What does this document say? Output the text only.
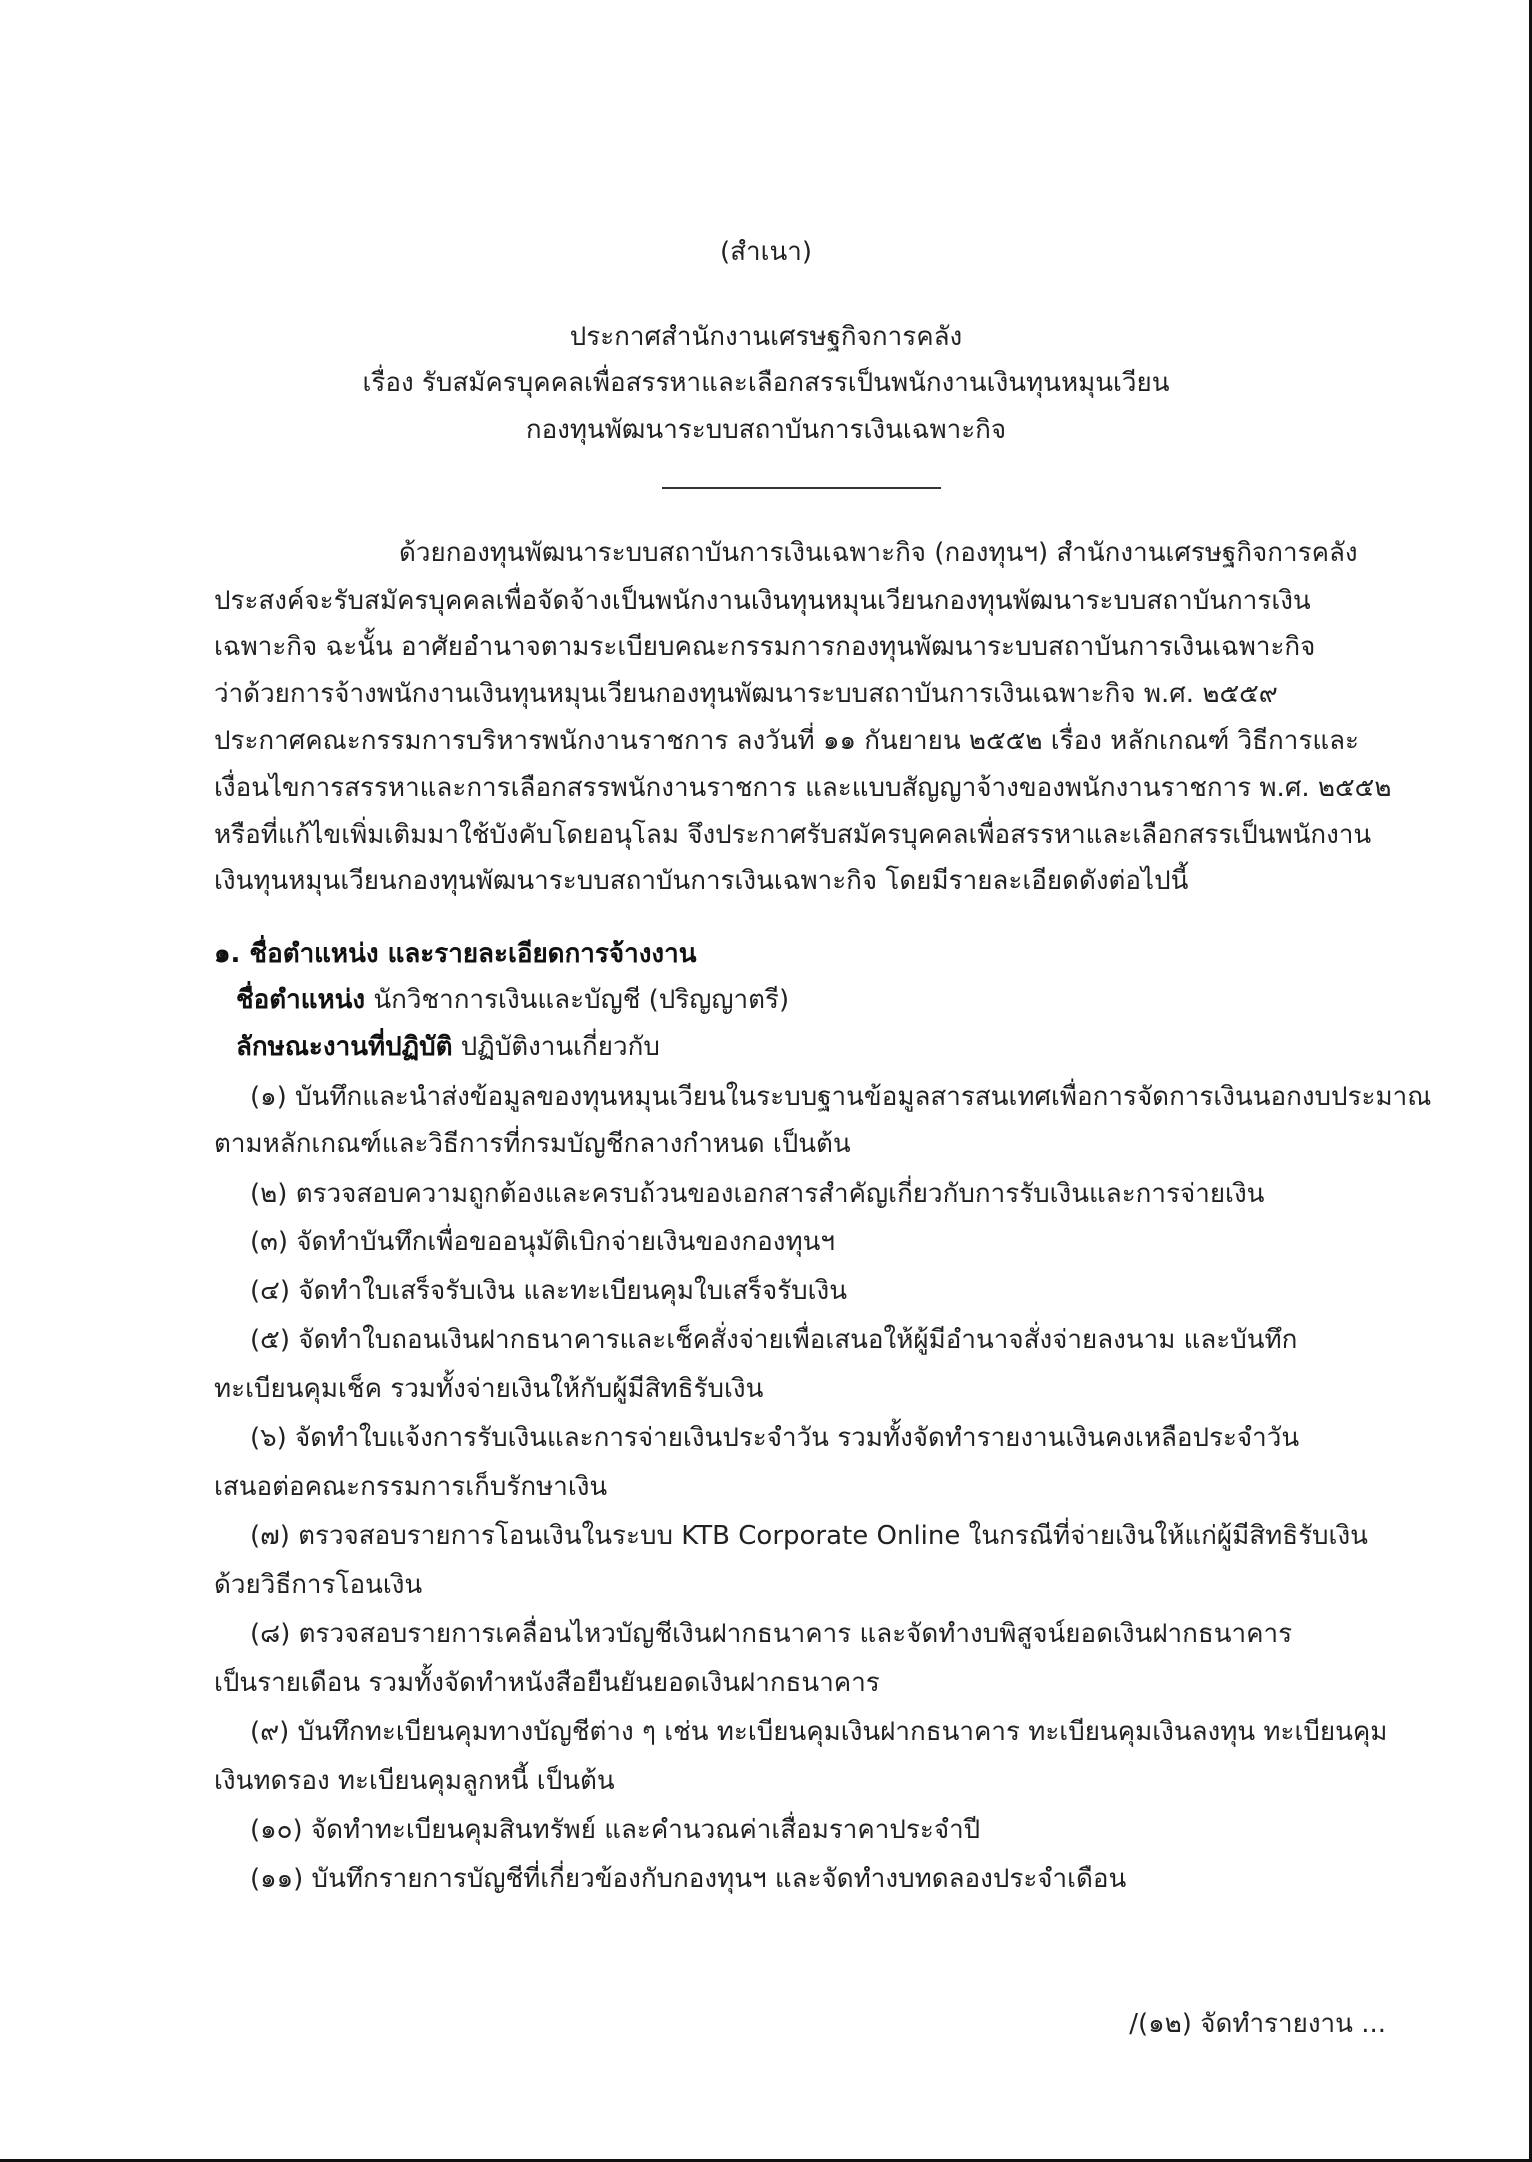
(สำเนา)
ประกาศสำนักงานเศรษฐกิจการคลัง
เรื่อง รับสมัครบุคคลเพื่อสรรหาและเลือกสรรเป็นพนักงานเงินทุนหมุนเวียน
กองทุนพัฒนาระบบสถาบันการเงินเฉพาะกิจ
ด้วยกองทุนพัฒนาระบบสถาบันการเงินเฉพาะกิจ (กองทุนฯ) สำนักงานเศรษฐกิจการคลัง
ประสงค์จะรับสมัครบุคคลเพื่อจัดจ้างเป็นพนักงานเงินทุนหมุนเวียนกองทุนพัฒนาระบบสถาบันการเงิน
เฉพาะกิจ ฉะนั้น อาศัยอำนาจตามระเบียบคณะกรรมการกองทุนพัฒนาระบบสถาบันการเงินเฉพาะกิจ
ว่าด้วยการจ้างพนักงานเงินทุนหมุนเวียนกองทุนพัฒนาระบบสถาบันการเงินเฉพาะกิจ พ.ศ. ๒๕๕๙
ประกาศคณะกรรมการบริหารพนักงานราชการ ลงวันที่ ๑๑ กันยายน ๒๕๕๒ เรื่อง หลักเกณฑ์ วิธีการและ
เงื่อนไขการสรรหาและการเลือกสรรพนักงานราชการ และแบบสัญญาจ้างของพนักงานราชการ พ.ศ. ๒๕๕๒
หรือที่แก้ไขเพิ่มเติมมาใช้บังคับโดยอนุโลม จึงประกาศรับสมัครบุคคลเพื่อสรรหาและเลือกสรรเป็นพนักงาน
เงินทุนหมุนเวียนกองทุนพัฒนาระบบสถาบันการเงินเฉพาะกิจ โดยมีรายละเอียดดังต่อไปนี้
๑. ชื่อตำแหน่ง และรายละเอียดการจ้างงาน
ชื่อตำแหน่ง นักวิชาการเงินและบัญชี (ปริญญาตรี)
ลักษณะงานที่ปฏิบัติ ปฏิบัติงานเกี่ยวกับ
(๑) บันทึกและนำส่งข้อมูลของทุนหมุนเวียนในระบบฐานข้อมูลสารสนเทศเพื่อการจัดการเงินนอกงบประมาณ
ตามหลักเกณฑ์และวิธีการที่กรมบัญชีกลางกำหนด เป็นต้น
(๒) ตรวจสอบความถูกต้องและครบถ้วนของเอกสารสำคัญเกี่ยวกับการรับเงินและการจ่ายเงิน
(๓) จัดทำบันทึกเพื่อขออนุมัติเบิกจ่ายเงินของกองทุนฯ
(๔) จัดทำใบเสร็จรับเงิน และทะเบียนคุมใบเสร็จรับเงิน
(๕) จัดทำใบถอนเงินฝากธนาคารและเช็คสั่งจ่ายเพื่อเสนอให้ผู้มีอำนาจสั่งจ่ายลงนาม และบันทึก
ทะเบียนคุมเช็ค รวมทั้งจ่ายเงินให้กับผู้มีสิทธิรับเงิน
(๖) จัดทำใบแจ้งการรับเงินและการจ่ายเงินประจำวัน รวมทั้งจัดทำรายงานเงินคงเหลือประจำวัน
เสนอต่อคณะกรรมการเก็บรักษาเงิน
(๗) ตรวจสอบรายการโอนเงินในระบบ KTB Corporate Online ในกรณีที่จ่ายเงินให้แก่ผู้มีสิทธิรับเงิน
ด้วยวิธีการโอนเงิน
(๘) ตรวจสอบรายการเคลื่อนไหวบัญชีเงินฝากธนาคาร และจัดทำงบพิสูจน์ยอดเงินฝากธนาคาร
เป็นรายเดือน รวมทั้งจัดทำหนังสือยืนยันยอดเงินฝากธนาคาร
(๙) บันทึกทะเบียนคุมทางบัญชีต่าง ๆ เช่น ทะเบียนคุมเงินฝากธนาคาร ทะเบียนคุมเงินลงทุน ทะเบียนคุม
เงินทดรอง ทะเบียนคุมลูกหนี้ เป็นต้น
(๑๐) จัดทำทะเบียนคุมสินทรัพย์ และคำนวณค่าเสื่อมราคาประจำปี
(๑๑) บันทึกรายการบัญชีที่เกี่ยวข้องกับกองทุนฯ และจัดทำงบทดลองประจำเดือน
/(๑๒) จัดทำรายงาน ...
